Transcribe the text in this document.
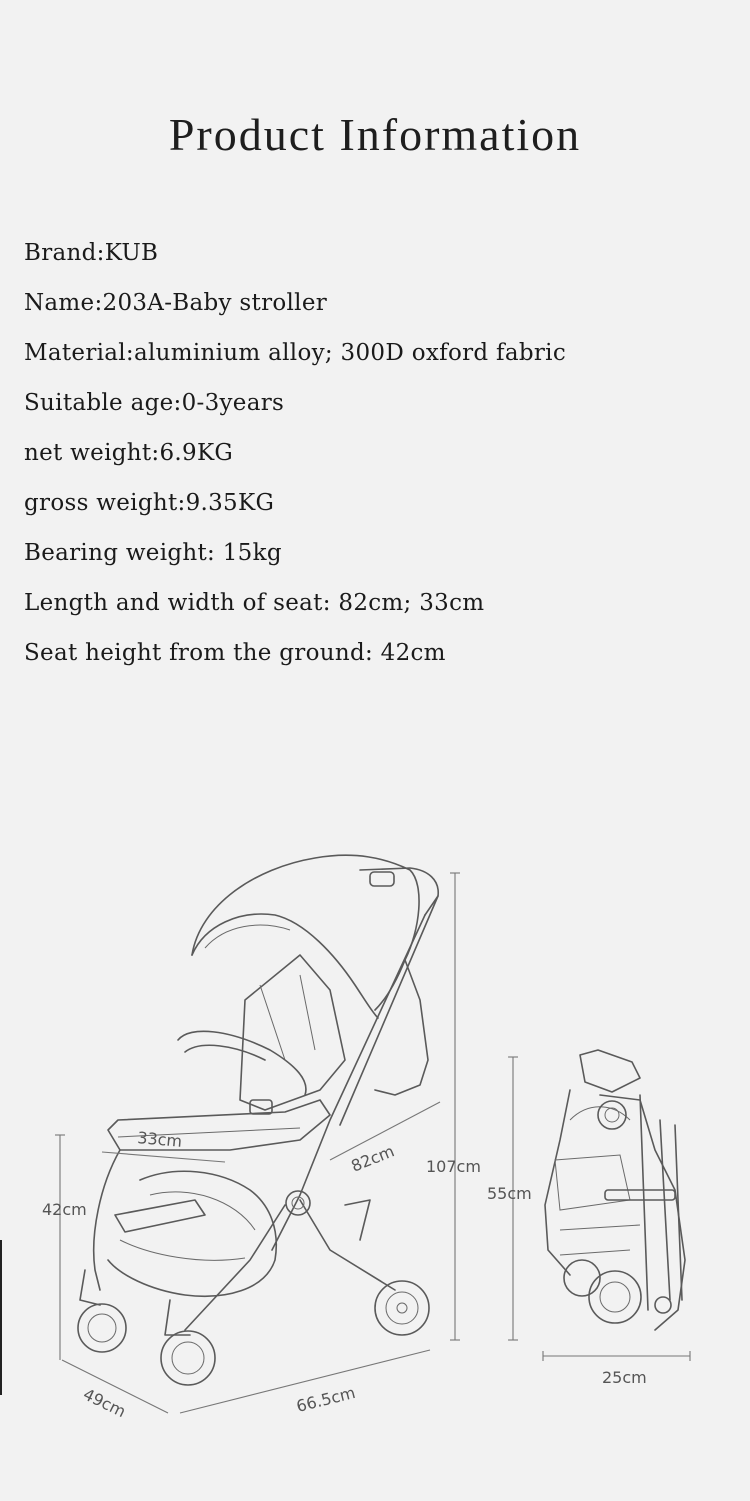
Product Information
Brand:KUB
Name:203A-Baby stroller
Material:aluminium alloy; 300D oxford fabric
Suitable age:0-3years
net weight:6.9KG
gross weight:9.35KG
Bearing weight: 15kg
Length and width of seat: 82cm; 33cm
Seat height from the ground: 42cm
33cm
82cm
42cm
107cm
49cm	66.5cm
55cm
25cm
